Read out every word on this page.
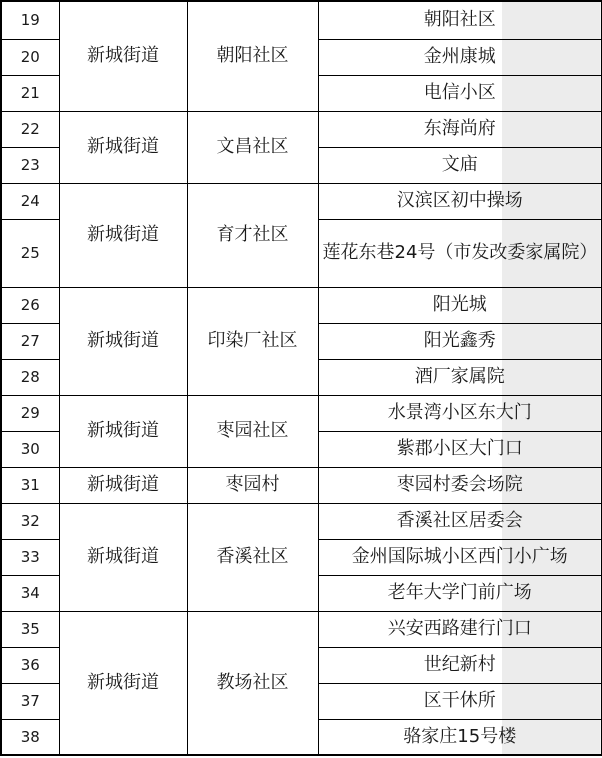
19	新城街道	朝阳社区	朝阳社区
20			金州康城
21			电信小区
22	新城街道	文昌社区	东海尚府
23			文庙
24	新城街道	育才社区	汉滨区初中操场
25			莲花东巷24号（市发改委家属院）
26	新城街道	印染厂社区	阳光城
27			阳光鑫秀
28			酒厂家属院
29	新城街道	枣园社区	水景湾小区东大门
30			紫郡小区大门口
31	新城街道	枣园村	枣园村委会场院
32	新城街道	香溪社区	香溪社区居委会
33			金州国际城小区西门小广场
34			老年大学门前广场
35	新城街道	教场社区	兴安西路建行门口
36			世纪新村
37			区干休所
38			骆家庄15号楼
